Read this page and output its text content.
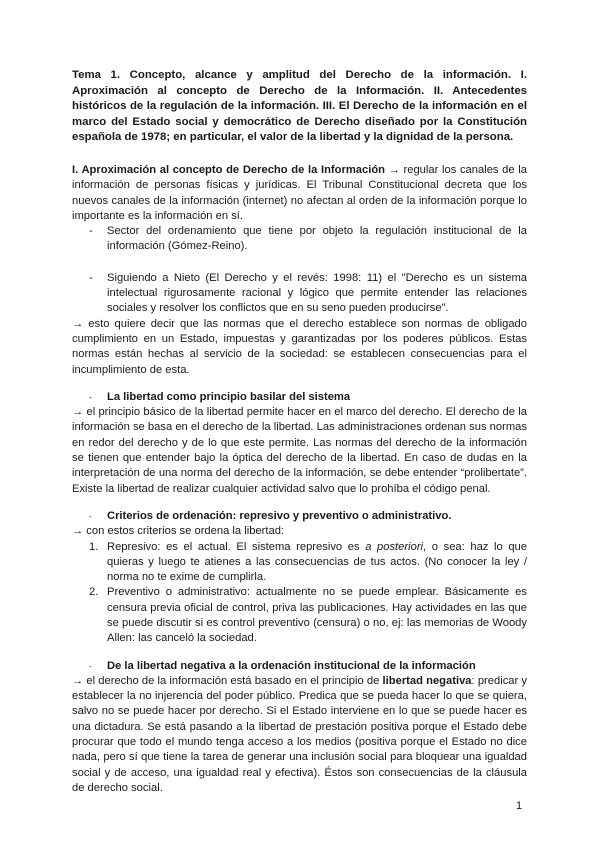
Tema 1. Concepto, alcance y amplitud del Derecho de la información. I. Aproximación al concepto de Derecho de la Información. II. Antecedentes históricos de la regulación de la información. III. El Derecho de la información en el marco del Estado social y democrático de Derecho diseñado por la Constitución española de 1978; en particular, el valor de la libertad y la dignidad de la persona.

I. Aproximación al concepto de Derecho de la Información → regular los canales de la información de personas físicas y jurídicas. El Tribunal Constitucional decreta que los nuevos canales de la información (internet) no afectan al orden de la información porque lo importante es la información en sí.

- Sector del ordenamiento que tiene por objeto la regulación institucional de la información (Gómez-Reino).
- Siguiendo a Nieto (El Derecho y el revés: 1998: 11) el "Derecho es un sistema intelectual rigurosamente racional y lógico que permite entender las relaciones sociales y resolver los conflictos que en su seno pueden producirse".

→ esto quiere decir que las normas que el derecho establece son normas de obligado cumplimiento en un Estado, impuestas y garantizadas por los poderes públicos. Estas normas están hechas al servicio de la sociedad: se establecen consecuencias para el incumplimiento de esta.

- La libertad como principio basilar del sistema

→ el principio básico de la libertad permite hacer en el marco del derecho. El derecho de la información se basa en el derecho de la libertad. Las administraciones ordenan sus normas en redor del derecho y de lo que este permite. Las normas del derecho de la información se tienen que entender bajo la óptica del derecho de la libertad. En caso de dudas en la interpretación de una norma del derecho de la información, se debe entender “prolibertate”. Existe la libertad de realizar cualquier actividad salvo que lo prohíba el código penal.

- Criterios de ordenación: represivo y preventivo o administrativo.

→ con estos criterios se ordena la libertad:

1. Represivo: es el actual. El sistema represivo es a posteriori, o sea: haz lo que quieras y luego te atienes a las consecuencias de tus actos. (No conocer la ley / norma no te exime de cumplirla.
2. Preventivo o administrativo: actualmente no se puede emplear. Básicamente es censura previa oficial de control, priva las publicaciones. Hay actividades en las que se puede discutir si es control preventivo (censura) o no, ej: las memorias de Woody Allen: las canceló la sociedad.
- De la libertad negativa a la ordenación institucional de la información

→ el derecho de la información está basado en el principio de libertad negativa: predicar y establecer la no injerencia del poder público. Predica que se pueda hacer lo que se quiera, salvo no se puede hacer por derecho. Si el Estado interviene en lo que se puede hacer es una dictadura. Se está pasando a la libertad de prestación positiva porque el Estado debe procurar que todo el mundo tenga acceso a los medios (positiva porque el Estado no dice nada, pero sí que tiene la tarea de generar una inclusión social para bloquear una igualdad social y de acceso, una igualdad real y efectiva). Éstos son consecuencias de la cláusula de derecho social.

1
